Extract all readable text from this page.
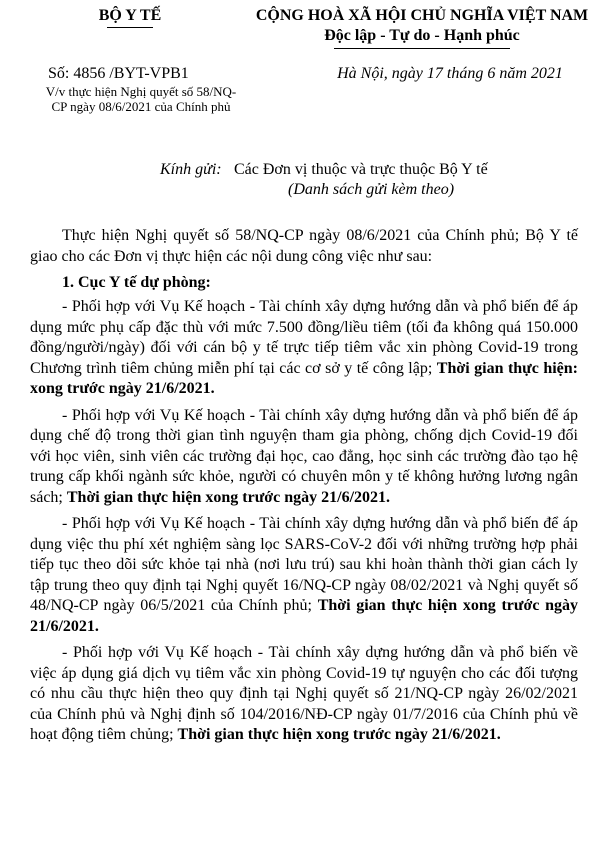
BỘ Y TẾ	CỘNG HOÀ XÃ HỘI CHỦ NGHĨA VIỆT NAM
Độc lập - Tự do - Hạnh phúc
Số: 4856 /BYT-VPB1
V/v thực hiện Nghị quyết số 58/NQ-CP ngày 08/6/2021 của Chính phủ
Hà Nội, ngày 17 tháng 6 năm 2021
Kính gửi: Các Đơn vị thuộc và trực thuộc Bộ Y tế
(Danh sách gửi kèm theo)

Thực hiện Nghị quyết số 58/NQ-CP ngày 08/6/2021 của Chính phủ; Bộ Y tế giao cho các Đơn vị thực hiện các nội dung công việc như sau:

1. Cục Y tế dự phòng:

- Phối hợp với Vụ Kế hoạch - Tài chính xây dựng hướng dẫn và phổ biến để áp dụng mức phụ cấp đặc thù với mức 7.500 đồng/liều tiêm (tối đa không quá 150.000 đồng/người/ngày) đối với cán bộ y tế trực tiếp tiêm vắc xin phòng Covid-19 trong Chương trình tiêm chủng miễn phí tại các cơ sở y tế công lập; Thời gian thực hiện: xong trước ngày 21/6/2021.

- Phối hợp với Vụ Kế hoạch - Tài chính xây dựng hướng dẫn và phổ biến để áp dụng chế độ trong thời gian tình nguyện tham gia phòng, chống dịch Covid-19 đối với học viên, sinh viên các trường đại học, cao đẳng, học sinh các trường đào tạo hệ trung cấp khối ngành sức khỏe, người có chuyên môn y tế không hưởng lương ngân sách; Thời gian thực hiện xong trước ngày 21/6/2021.

- Phối hợp với Vụ Kế hoạch - Tài chính xây dựng hướng dẫn và phổ biến để áp dụng việc thu phí xét nghiệm sàng lọc SARS-CoV-2 đối với những trường hợp phải tiếp tục theo dõi sức khỏe tại nhà (nơi lưu trú) sau khi hoàn thành thời gian cách ly tập trung theo quy định tại Nghị quyết 16/NQ-CP ngày 08/02/2021 và Nghị quyết số 48/NQ-CP ngày 06/5/2021 của Chính phủ; Thời gian thực hiện xong trước ngày 21/6/2021.

- Phối hợp với Vụ Kế hoạch - Tài chính xây dựng hướng dẫn và phổ biến về việc áp dụng giá dịch vụ tiêm vắc xin phòng Covid-19 tự nguyện cho các đối tượng có nhu cầu thực hiện theo quy định tại Nghị quyết số 21/NQ-CP ngày 26/02/2021 của Chính phủ và Nghị định số 104/2016/NĐ-CP ngày 01/7/2016 của Chính phủ về hoạt động tiêm chủng; Thời gian thực hiện xong trước ngày 21/6/2021.
